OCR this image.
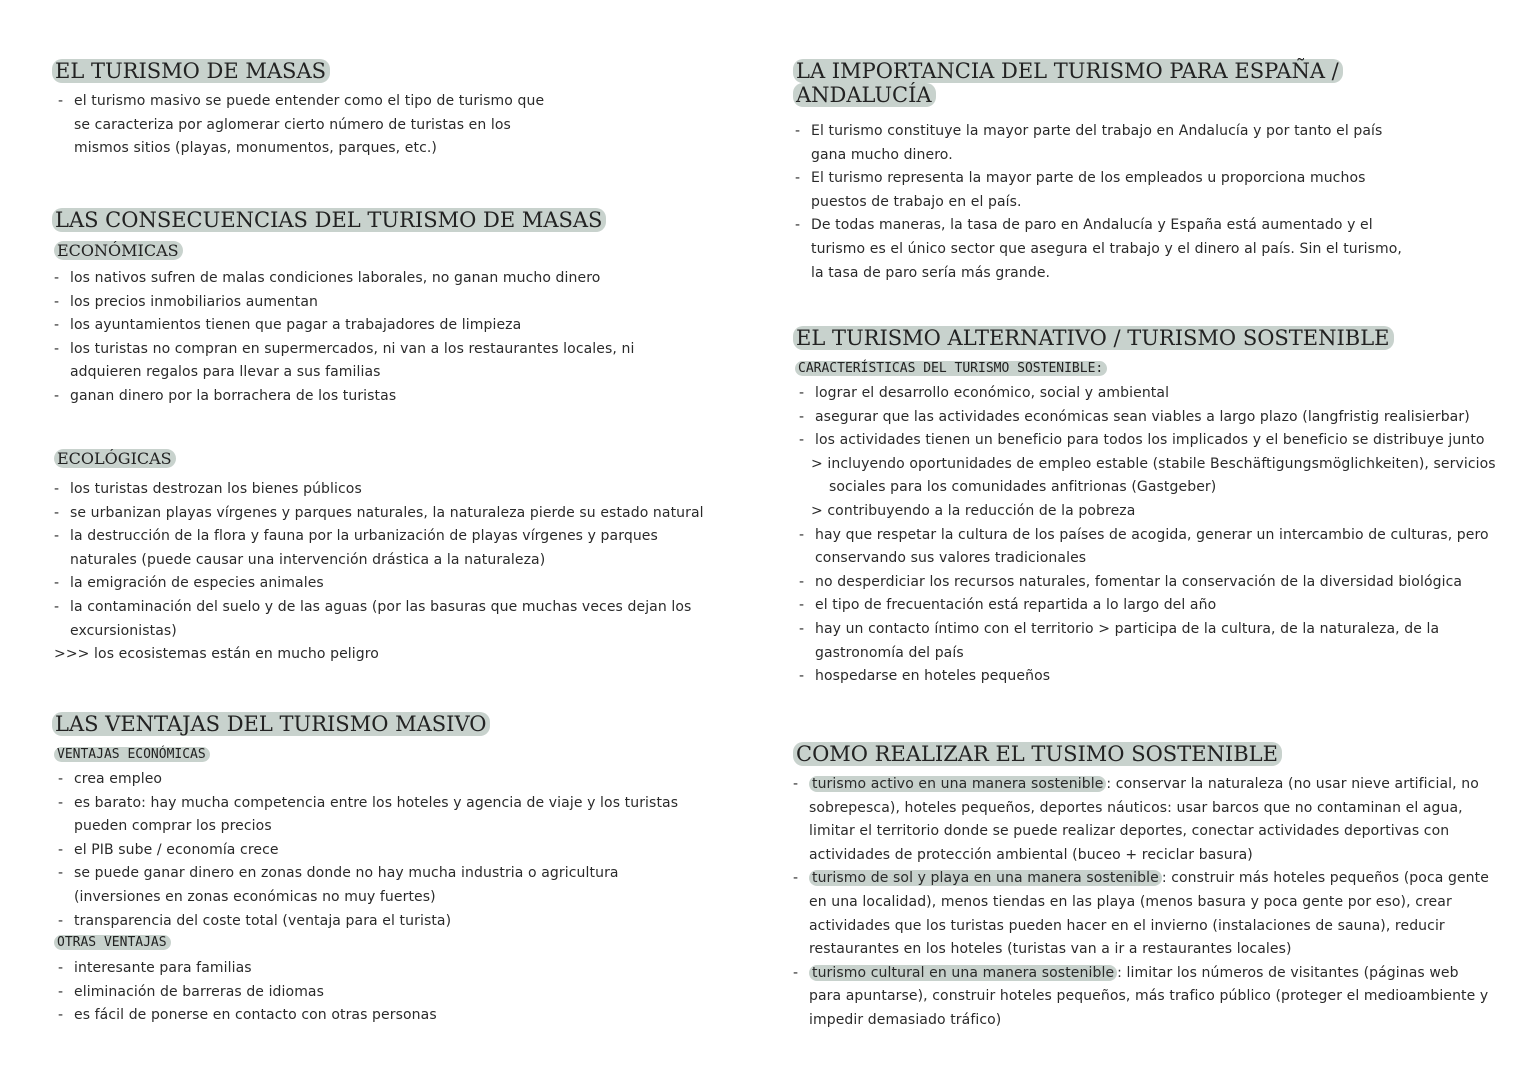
EL TURISMO DE MASAS
- el turismo masivo se puede entender como el tipo de turismo que se caracteriza por aglomerar cierto número de turistas en los mismos sitios (playas, monumentos, parques, etc.)
LAS CONSECUENCIAS DEL TURISMO DE MASAS
ECONÓMICAS
- los nativos sufren de malas condiciones laborales, no ganan mucho dinero
- los precios inmobiliarios aumentan
- los ayuntamientos tienen que pagar a trabajadores de limpieza
- los turistas no compran en supermercados, ni van a los restaurantes locales, ni adquieren regalos para llevar a sus familias
- ganan dinero por la borrachera de los turistas
ECOLÓGICAS
- los turistas destrozan los bienes públicos
- se urbanizan playas vírgenes y parques naturales, la naturaleza pierde su estado natural
- la destrucción de la flora y fauna por la urbanización de playas vírgenes y parques naturales (puede causar una intervención drástica a la naturaleza)
- la emigración de especies animales
- la contaminación del suelo y de las aguas (por las basuras que muchas veces dejan los excursionistas)
>>> los ecosistemas están en mucho peligro
LAS VENTAJAS DEL TURISMO MASIVO
VENTAJAS ECONÓMICAS
- crea empleo
- es barato: hay mucha competencia entre los hoteles y agencia de viaje y los turistas pueden comprar los precios
- el PIB sube / economía crece
- se puede ganar dinero en zonas donde no hay mucha industria o agricultura (inversiones en zonas económicas no muy fuertes)
- transparencia del coste total (ventaja para el turista)
OTRAS VENTAJAS
- interesante para familias
- eliminación de barreras de idiomas
- es fácil de ponerse en contacto con otras personas
LA IMPORTANCIA DEL TURISMO PARA ESPAÑA / ANDALUCÍA
- El turismo constituye la mayor parte del trabajo en Andalucía y por tanto el país gana mucho dinero.
- El turismo representa la mayor parte de los empleados u proporciona muchos puestos de trabajo en el país.
- De todas maneras, la tasa de paro en Andalucía y España está aumentado y el turismo es el único sector que asegura el trabajo y el dinero al país. Sin el turismo, la tasa de paro sería más grande.
EL TURISMO ALTERNATIVO / TURISMO SOSTENIBLE
CARACTERÍSTICAS DEL TURISMO SOSTENIBLE:
- lograr el desarrollo económico, social y ambiental
- asegurar que las actividades económicas sean viables a largo plazo (langfristig realisierbar)
- los actividades tienen un beneficio para todos los implicados y el beneficio se distribuye junto
> incluyendo oportunidades de empleo estable (stabile Beschäftigungsmöglichkeiten), servicios sociales para los comunidades anfitrionas (Gastgeber)
> contribuyendo a la reducción de la pobreza
- hay que respetar la cultura de los países de acogida, generar un intercambio de culturas, pero conservando sus valores tradicionales
- no desperdiciar los recursos naturales, fomentar la conservación de la diversidad biológica
- el tipo de frecuentación está repartida a lo largo del año
- hay un contacto íntimo con el territorio > participa de la cultura, de la naturaleza, de la gastronomía del país
- hospedarse en hoteles pequeños
COMO REALIZAR EL TUSIMO SOSTENIBLE
- turismo activo en una manera sostenible : conservar la naturaleza (no usar nieve artificial, no sobrepesca), hoteles pequeños, deportes náuticos: usar barcos que no contaminan el agua, limitar el territorio donde se puede realizar deportes, conectar actividades deportivas con actividades de protección ambiental (buceo + reciclar basura)
- turismo de sol y playa en una manera sostenible : construir más hoteles pequeños (poca gente en una localidad), menos tiendas en las playa (menos basura y poca gente por eso), crear actividades que los turistas pueden hacer en el invierno (instalaciones de sauna), reducir restaurantes en los hoteles (turistas van a ir a restaurantes locales)
- turismo cultural en una manera sostenible : limitar los números de visitantes (páginas web para apuntarse), construir hoteles pequeños, más trafico público (proteger el medioambiente y impedir demasiado tráfico)
